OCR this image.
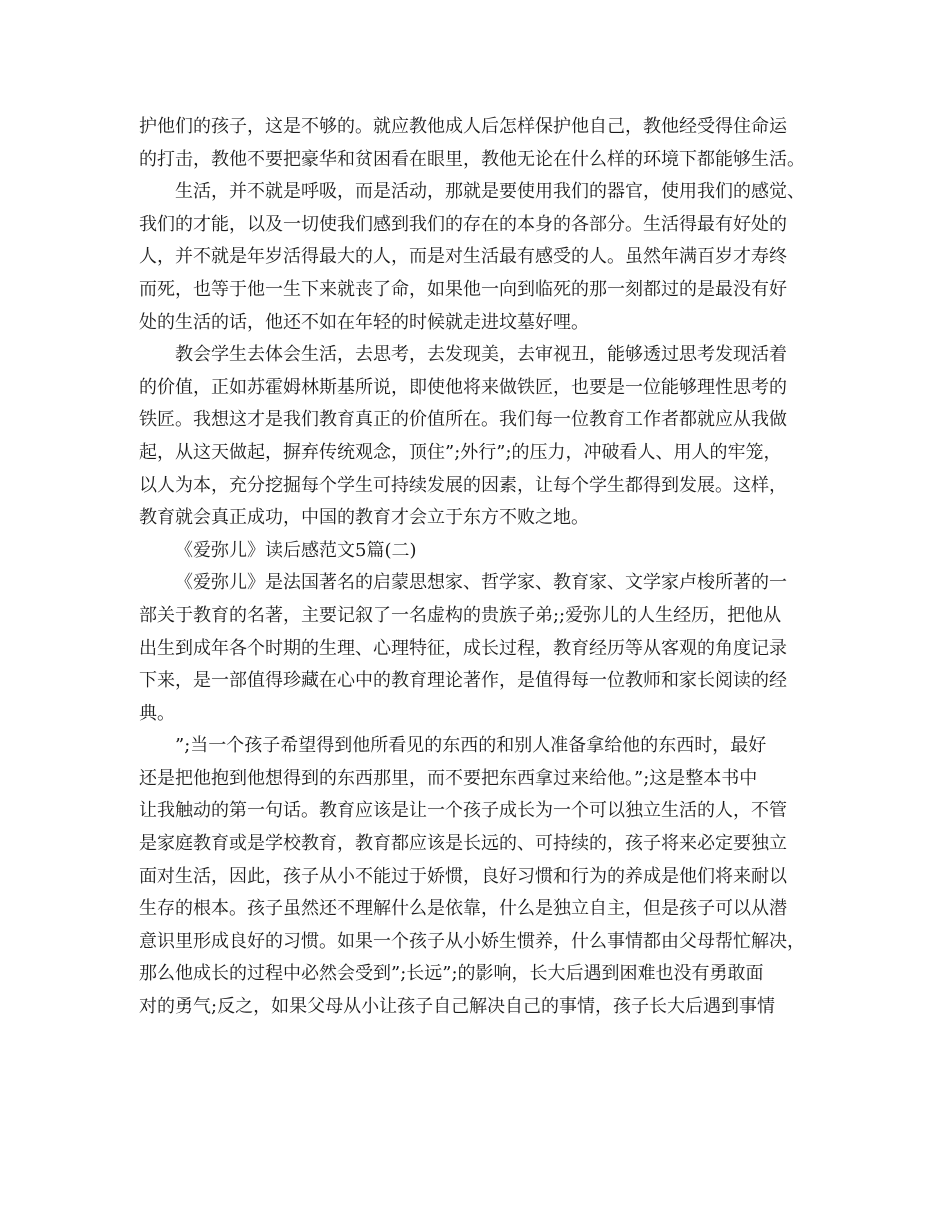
护他们的孩子，这是不够的。就应教他成人后怎样保护他自己，教他经受得住命运
的打击，教他不要把豪华和贫困看在眼里，教他无论在什么样的环境下都能够生活。
生活，并不就是呼吸，而是活动，那就是要使用我们的器官，使用我们的感觉、
我们的才能，以及一切使我们感到我们的存在的本身的各部分。生活得最有好处的
人，并不就是年岁活得最大的人，而是对生活最有感受的人。虽然年满百岁才寿终
而死，也等于他一生下来就丧了命，如果他一向到临死的那一刻都过的是最没有好
处的生活的话，他还不如在年轻的时候就走进坟墓好哩。
教会学生去体会生活，去思考，去发现美，去审视丑，能够透过思考发现活着
的价值，正如苏霍姆林斯基所说，即使他将来做铁匠，也要是一位能够理性思考的
铁匠。我想这才是我们教育真正的价值所在。我们每一位教育工作者都就应从我做
起，从这天做起，摒弃传统观念，顶住”;外行”;的压力，冲破看人、用人的牢笼，
以人为本，充分挖掘每个学生可持续发展的因素，让每个学生都得到发展。这样，
教育就会真正成功，中国的教育才会立于东方不败之地。
《爱弥儿》读后感范文5篇(二)
《爱弥儿》是法国著名的启蒙思想家、哲学家、教育家、文学家卢梭所著的一
部关于教育的名著，主要记叙了一名虚构的贵族子弟;;爱弥儿的人生经历，把他从
出生到成年各个时期的生理、心理特征，成长过程，教育经历等从客观的角度记录
下来，是一部值得珍藏在心中的教育理论著作，是值得每一位教师和家长阅读的经
典。
”;当一个孩子希望得到他所看见的东西的和别人准备拿给他的东西时，最好
还是把他抱到他想得到的东西那里，而不要把东西拿过来给他。”;这是整本书中
让我触动的第一句话。教育应该是让一个孩子成长为一个可以独立生活的人，不管
是家庭教育或是学校教育，教育都应该是长远的、可持续的，孩子将来必定要独立
面对生活，因此，孩子从小不能过于娇惯，良好习惯和行为的养成是他们将来耐以
生存的根本。孩子虽然还不理解什么是依靠，什么是独立自主，但是孩子可以从潜
意识里形成良好的习惯。如果一个孩子从小娇生惯养，什么事情都由父母帮忙解决，
那么他成长的过程中必然会受到”;长远”;的影响，长大后遇到困难也没有勇敢面
对的勇气;反之，如果父母从小让孩子自己解决自己的事情，孩子长大后遇到事情
